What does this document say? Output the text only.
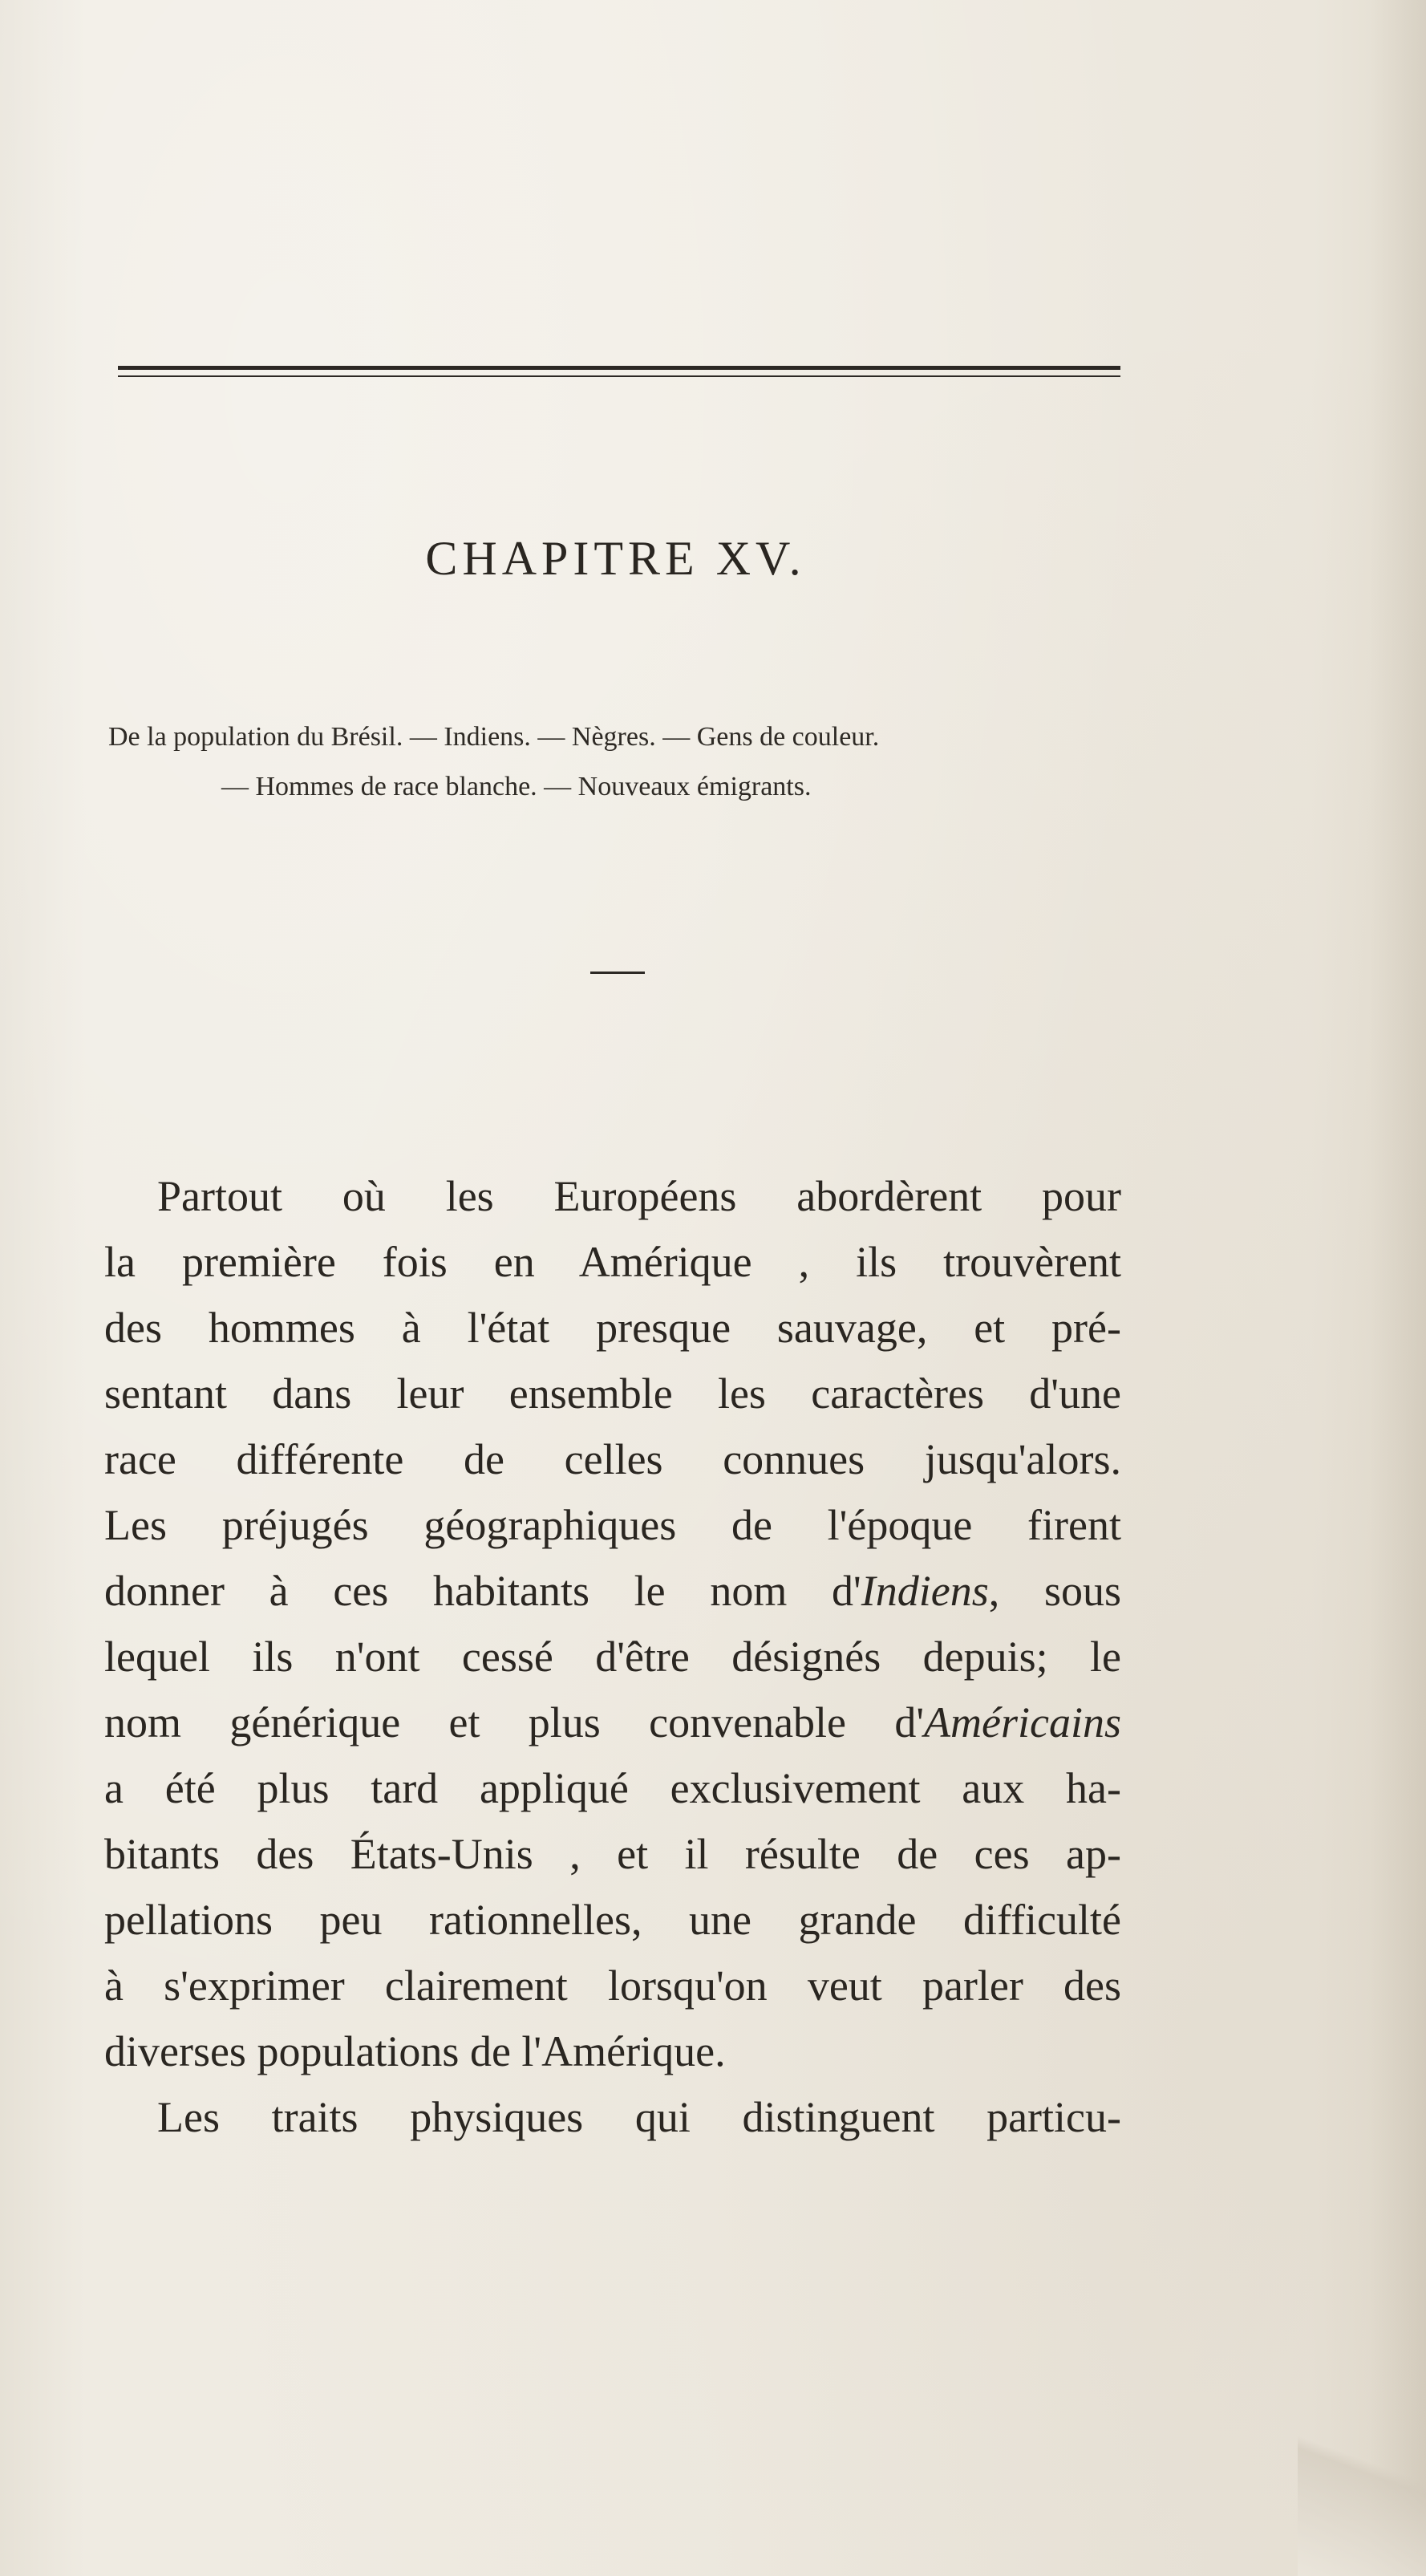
CHAPITRE XV.
De la population du Brésil. — Indiens. — Nègres. — Gens de couleur.
— Hommes de race blanche. — Nouveaux émigrants.
Partout où les Européens abordèrent pour
la première fois en Amérique , ils trouvèrent
des hommes à l'état presque sauvage, et pré-
sentant dans leur ensemble les caractères d'une
race différente de celles connues jusqu'alors.
Les préjugés géographiques de l'époque firent
donner à ces habitants le nom d'Indiens, sous
lequel ils n'ont cessé d'être désignés depuis; le
nom générique et plus convenable d'Américains
a été plus tard appliqué exclusivement aux ha-
bitants des États-Unis , et il résulte de ces ap-
pellations peu rationnelles, une grande difficulté
à s'exprimer clairement lorsqu'on veut parler des
diverses populations de l'Amérique.
Les traits physiques qui distinguent particu-
